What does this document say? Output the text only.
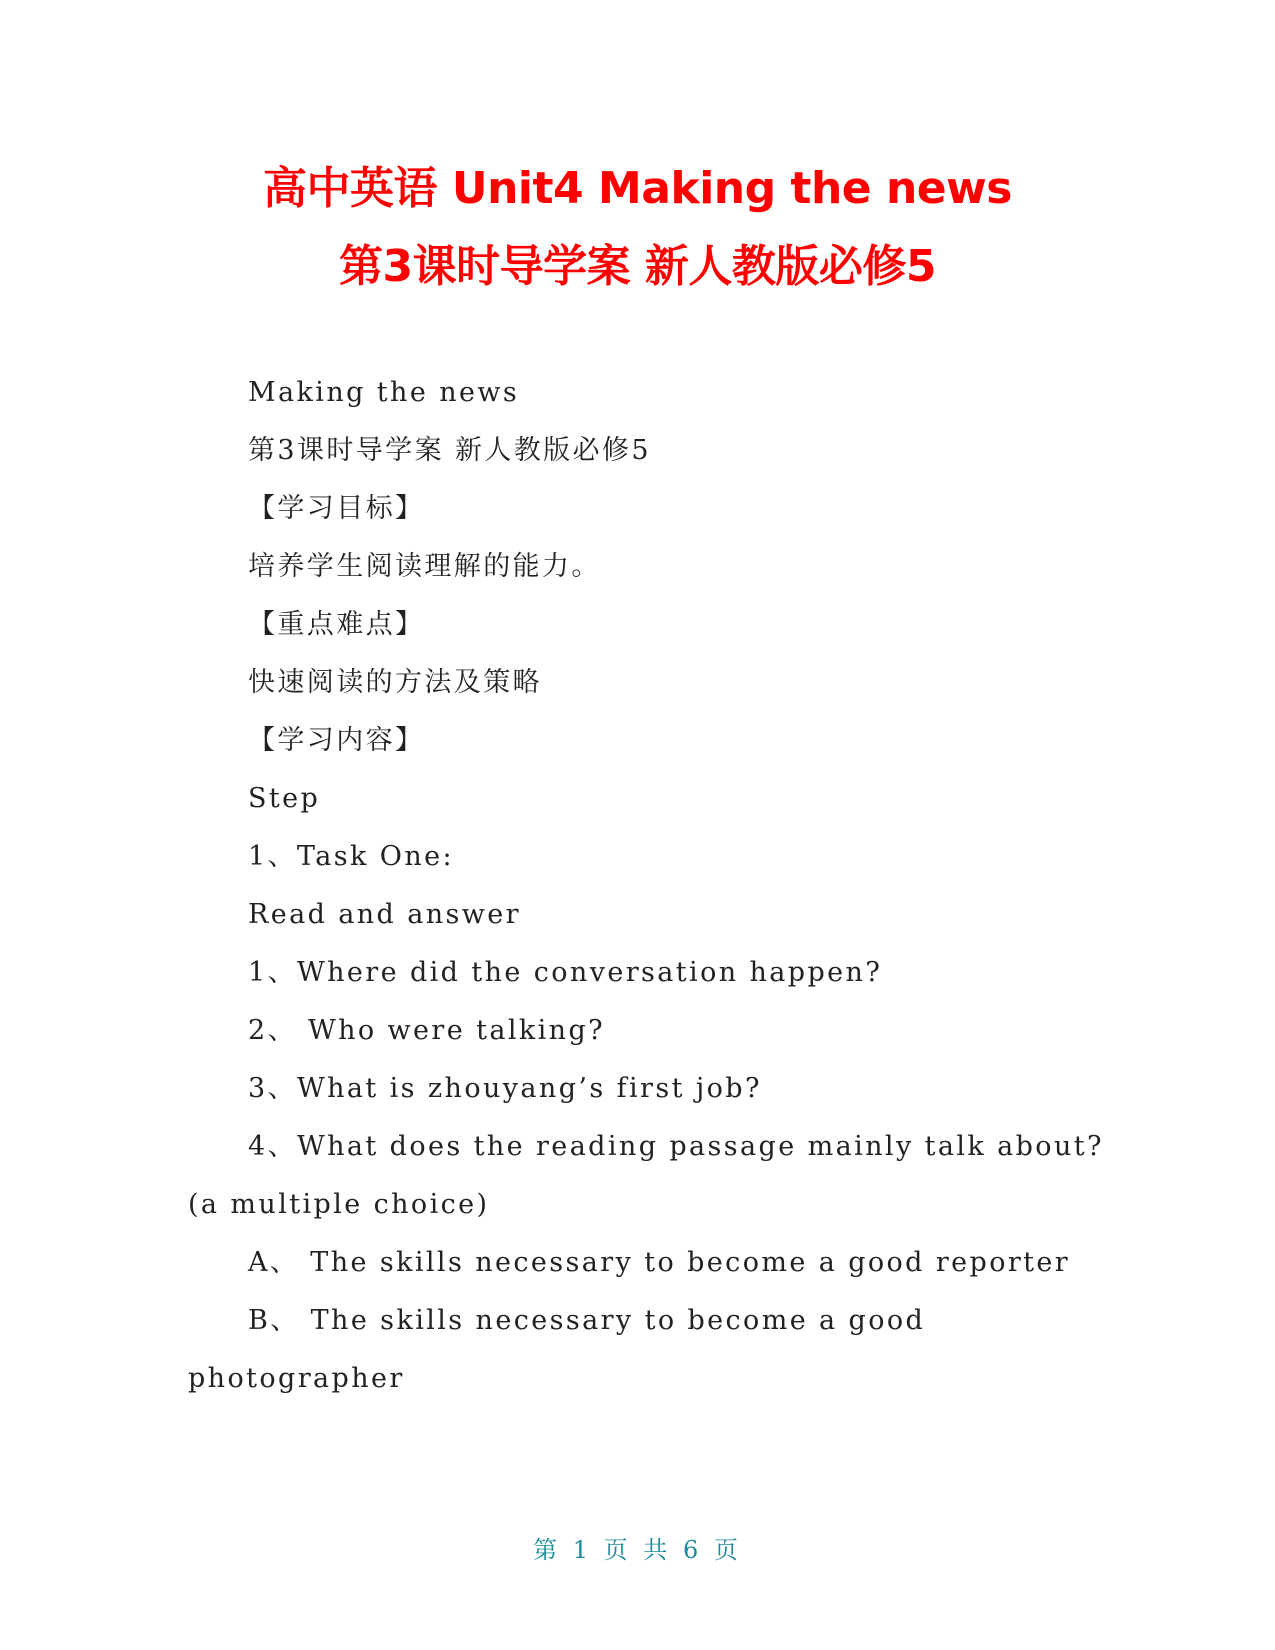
高中英语 Unit4 Making the news
第3课时导学案 新人教版必修5
Making the news
第3课时导学案 新人教版必修5
【学习目标】
培养学生阅读理解的能力。
【重点难点】
快速阅读的方法及策略
【学习内容】
Step
1、Task One:
Read and answer
1、Where did the conversation happen?
2、 Who were talking?
3、What is zhouyang’s first job?
4、What does the reading passage mainly talk about?
(a multiple choice)
A、 The skills necessary to become a good reporter
B、 The skills necessary to become a good
photographer
第 1 页 共 6 页
